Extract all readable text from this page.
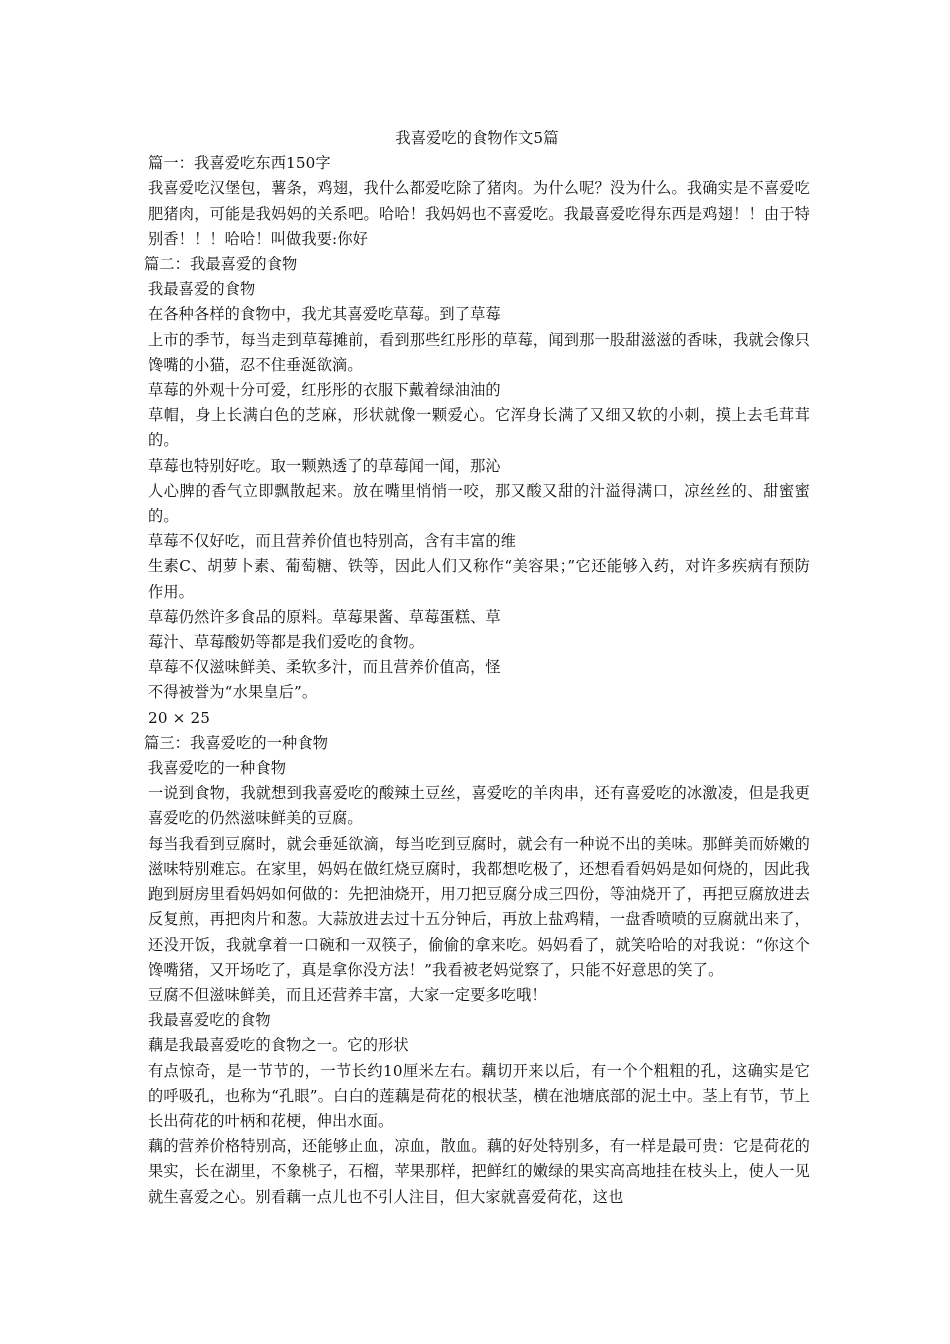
我喜爱吃的食物作文5篇

篇一：我喜爱吃东西150字

我喜爱吃汉堡包，薯条，鸡翅，我什么都爱吃除了猪肉。为什么呢？没为什么。我确实是不喜爱吃肥猪肉，可能是我妈妈的关系吧。哈哈！我妈妈也不喜爱吃。我最喜爱吃得东西是鸡翅！！由于特别香！！！哈哈！叫做我要:你好

篇二：我最喜爱的食物

我最喜爱的食物

在各种各样的食物中，我尤其喜爱吃草莓。到了草莓

上市的季节，每当走到草莓摊前，看到那些红彤彤的草莓，闻到那一股甜滋滋的香味，我就会像只馋嘴的小猫，忍不住垂涎欲滴。

草莓的外观十分可爱，红彤彤的衣服下戴着绿油油的

草帽，身上长满白色的芝麻，形状就像一颗爱心。它浑身长满了又细又软的小刺，摸上去毛茸茸的。

草莓也特别好吃。取一颗熟透了的草莓闻一闻，那沁

人心脾的香气立即飘散起来。放在嘴里悄悄一咬，那又酸又甜的汁溢得满口，凉丝丝的、甜蜜蜜的。

草莓不仅好吃，而且营养价值也特别高，含有丰富的维

生素C、胡萝卜素、葡萄糖、铁等，因此人们又称作“美容果；”它还能够入药，对许多疾病有预防作用。

草莓仍然许多食品的原料。草莓果酱、草莓蛋糕、草

莓汁、草莓酸奶等都是我们爱吃的食物。

草莓不仅滋味鲜美、柔软多汁，而且营养价值高，怪

不得被誉为“水果皇后”。

20 × 25

篇三：我喜爱吃的一种食物

我喜爱吃的一种食物

一说到食物，我就想到我喜爱吃的酸辣土豆丝，喜爱吃的羊肉串，还有喜爱吃的冰激凌，但是我更喜爱吃的仍然滋味鲜美的豆腐。

每当我看到豆腐时，就会垂延欲滴，每当吃到豆腐时，就会有一种说不出的美味。那鲜美而娇嫩的滋味特别难忘。在家里，妈妈在做红烧豆腐时，我都想吃极了，还想看看妈妈是如何烧的，因此我跑到厨房里看妈妈如何做的：先把油烧开，用刀把豆腐分成三四份，等油烧开了，再把豆腐放进去反复煎，再把肉片和葱。大蒜放进去过十五分钟后，再放上盐鸡精，一盘香喷喷的豆腐就出来了，还没开饭，我就拿着一口碗和一双筷子，偷偷的拿来吃。妈妈看了，就笑哈哈的对我说：“你这个馋嘴猪，又开场吃了，真是拿你没方法！”我看被老妈觉察了，只能不好意思的笑了。

豆腐不但滋味鲜美，而且还营养丰富，大家一定要多吃哦！

我最喜爱吃的食物

藕是我最喜爱吃的食物之一。它的形状

有点惊奇，是一节节的，一节长约10厘米左右。藕切开来以后，有一个个粗粗的孔，这确实是它的呼吸孔，也称为“孔眼”。白白的莲藕是荷花的根状茎，横在池塘底部的泥土中。茎上有节，节上长出荷花的叶柄和花梗，伸出水面。

藕的营养价格特别高，还能够止血，凉血，散血。藕的好处特别多，有一样是最可贵：它是荷花的果实，长在湖里，不象桃子，石榴，苹果那样，把鲜红的嫩绿的果实高高地挂在枝头上，使人一见就生喜爱之心。别看藕一点儿也不引人注目，但大家就喜爱荷花，这也
